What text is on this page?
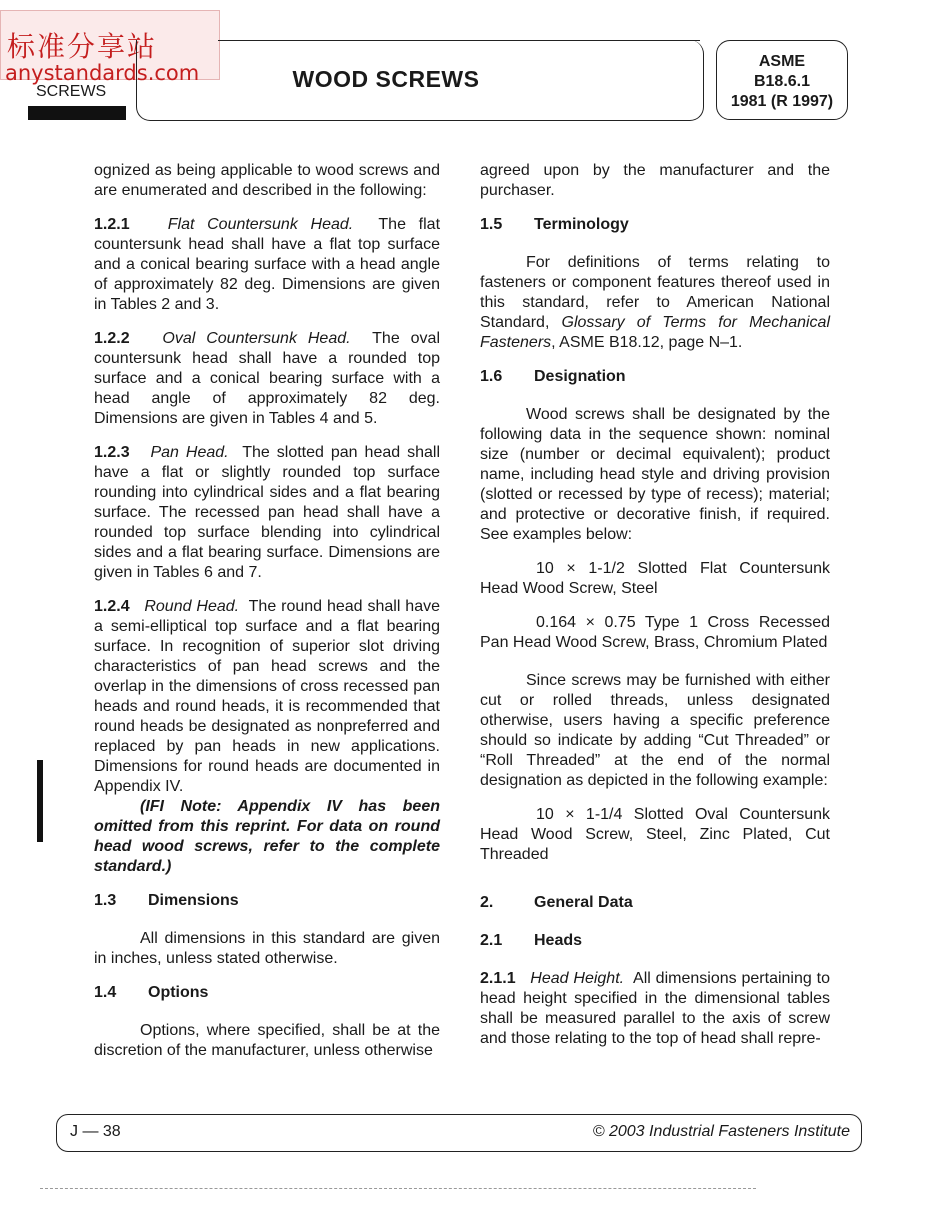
标准分享站
anystandards.com
SCREWS	WOOD SCREWS
ASME
B18.6.1
1981 (R 1997)

ognized as being applicable to wood screws and are enumerated and described in the following:

1.2.1 Flat Countersunk Head. The flat countersunk head shall have a flat top surface and a conical bearing surface with a head angle of approximately 82 deg. Dimensions are given in Tables 2 and 3.

1.2.2 Oval Countersunk Head. The oval countersunk head shall have a rounded top surface and a conical bearing surface with a head angle of approximately 82 deg. Dimensions are given in Tables 4 and 5.

1.2.3 Pan Head. The slotted pan head shall have a flat or slightly rounded top surface rounding into cylindrical sides and a flat bearing surface. The recessed pan head shall have a rounded top surface blending into cylindrical sides and a flat bearing surface. Dimensions are given in Tables 6 and 7.

1.2.4 Round Head. The round head shall have a semi-elliptical top surface and a flat bearing surface. In recognition of superior slot driving characteristics of pan head screws and the overlap in the dimensions of cross recessed pan heads and round heads, it is recommended that round heads be designated as nonpreferred and replaced by pan heads in new applications. Dimensions for round heads are documented in Appendix IV.

(IFI Note: Appendix IV has been omitted from this reprint. For data on round head wood screws, refer to the complete standard.)

1.3 Dimensions

All dimensions in this standard are given in inches, unless stated otherwise.

1.4 Options

Options, where specified, shall be at the discretion of the manufacturer, unless otherwise

agreed upon by the manufacturer and the purchaser.

1.5 Terminology

For definitions of terms relating to fasteners or component features thereof used in this standard, refer to American National Standard, Glossary of Terms for Mechanical Fasteners, ASME B18.12, page N–1.

1.6 Designation

Wood screws shall be designated by the following data in the sequence shown: nominal size (number or decimal equivalent); product name, including head style and driving provision (slotted or recessed by type of recess); material; and protective or decorative finish, if required. See examples below:

10 × 1-1/2 Slotted Flat Countersunk Head Wood Screw, Steel

0.164 × 0.75 Type 1 Cross Recessed Pan Head Wood Screw, Brass, Chromium Plated

Since screws may be furnished with either cut or rolled threads, unless designated otherwise, users having a specific preference should so indicate by adding “Cut Threaded” or “Roll Threaded” at the end of the normal designation as depicted in the following example:

10 × 1-1/4 Slotted Oval Countersunk Head Wood Screw, Steel, Zinc Plated, Cut Threaded

2.	General Data
2.1 Heads

2.1.1 Head Height. All dimensions pertaining to head height specified in the dimensional tables shall be measured parallel to the axis of screw and those relating to the top of head shall repre-

J — 38	© 2003 Industrial Fasteners Institute
